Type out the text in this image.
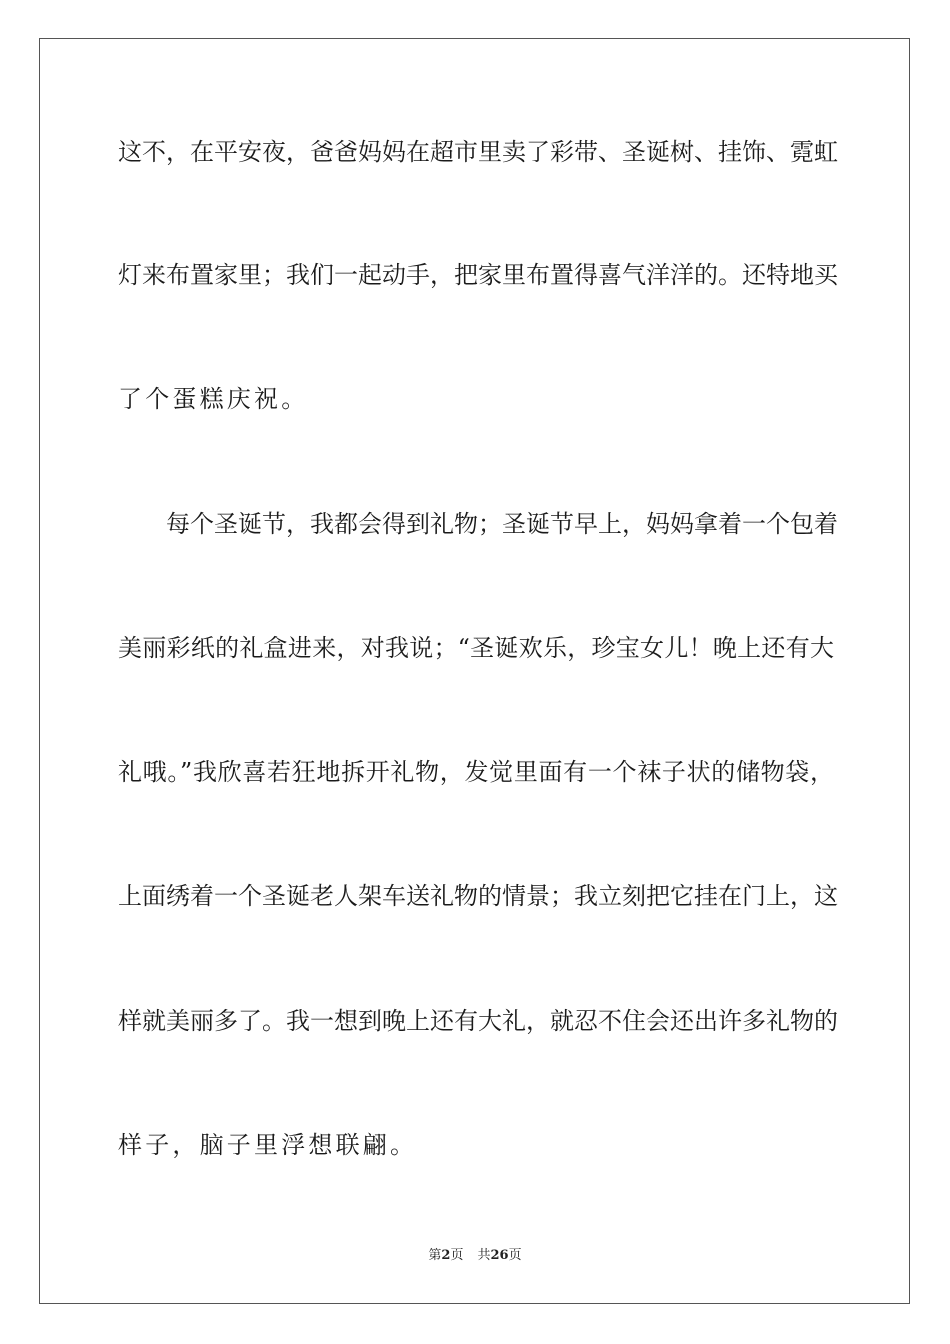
这不，在平安夜，爸爸妈妈在超市里卖了彩带、圣诞树、挂饰、霓虹
灯来布置家里；我们一起动手，把家里布置得喜气洋洋的。还特地买
了个蛋糕庆祝。
每个圣诞节，我都会得到礼物；圣诞节早上，妈妈拿着一个包着
美丽彩纸的礼盒进来，对我说；“圣诞欢乐，珍宝女儿！晚上还有大
礼哦。”我欣喜若狂地拆开礼物，发觉里面有一个袜子状的储物袋，
上面绣着一个圣诞老人架车送礼物的情景；我立刻把它挂在门上，这
样就美丽多了。我一想到晚上还有大礼，就忍不住会还出许多礼物的
样子，脑子里浮想联翩。
第2页 共26页
